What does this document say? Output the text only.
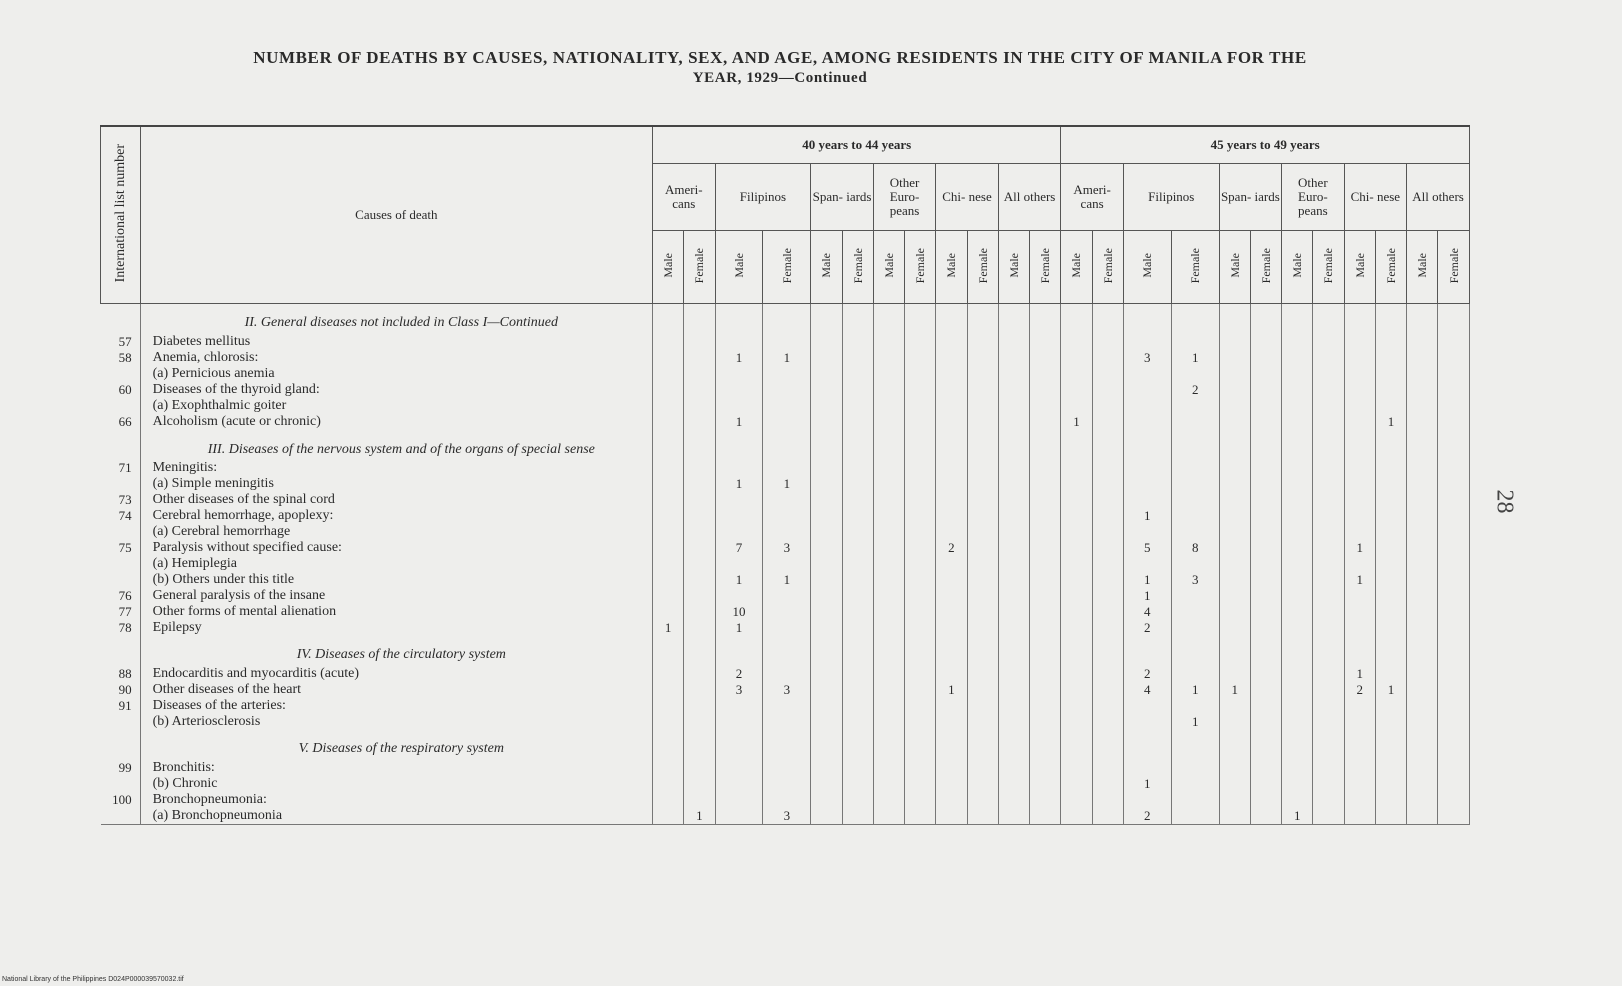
NUMBER OF DEATHS BY CAUSES, NATIONALITY, SEX, AND AGE, AMONG RESIDENTS IN THE CITY OF MANILA FOR THE
YEAR, 1929—Continued
28
National Library of the Philippines D024P000039570032.tif
International list number	Causes of death	40 years to 44 years												45 years to 49 years											
		Ameri- cans		Filipinos		Span- iards		Other Euro- peans		Chi- nese		All others		Ameri- cans		Filipinos		Span- iards		Other Euro- peans		Chi- nese		All others	
		Male	Female	Male	Female	Male	Female	Male	Female	Male	Female	Male	Female	Male	Female	Male	Female	Male	Female	Male	Female	Male	Female	Male	Female
	II. General diseases not included in Class I—Continued																								
57	Diabetes mellitus																								
58	Anemia, chlorosis:			1	1											3	1								
	(a) Pernicious anemia																								
60	Diseases of the thyroid gland:																2								
	(a) Exophthalmic goiter																								
66	Alcoholism (acute or chronic)			1										1									1		
	III. Diseases of the nervous system and of the organs of special sense																								
71	Meningitis:																								
	(a) Simple meningitis			1	1																				
73	Other diseases of the spinal cord																								
74	Cerebral hemorrhage, apoplexy:															1									
	(a) Cerebral hemorrhage																								
75	Paralysis without specified cause:			7	3					2						5	8					1			
	(a) Hemiplegia																								
	(b) Others under this title			1	1											1	3					1			
76	General paralysis of the insane															1									
77	Other forms of mental alienation			10												4									
78	Epilepsy	1		1												2									
	IV. Diseases of the circulatory system																								
88	Endocarditis and myocarditis (acute)			2												2						1			
90	Other diseases of the heart			3	3					1						4	1	1				2	1		
91	Diseases of the arteries:																								
	(b) Arteriosclerosis																1								
	V. Diseases of the respiratory system																								
99	Bronchitis:																								
	(b) Chronic															1									
100	Bronchopneumonia:																								
	(a) Bronchopneumonia		1		3											2				1					
